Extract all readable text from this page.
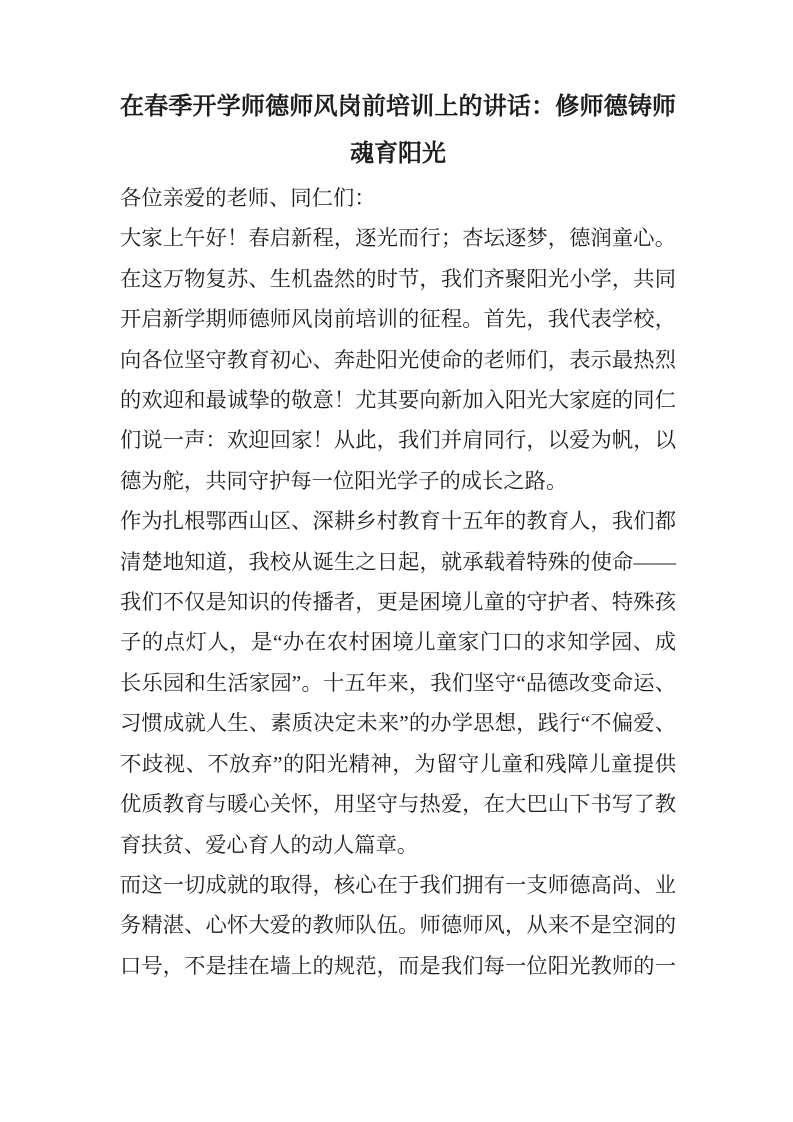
在春季开学师德师风岗前培训上的讲话：修师德铸师
魂育阳光
各位亲爱的老师、同仁们：
大家上午好！春启新程，逐光而行；杏坛逐梦，德润童心。
在这万物复苏、生机盎然的时节，我们齐聚阳光小学，共同
开启新学期师德师风岗前培训的征程。首先，我代表学校，
向各位坚守教育初心、奔赴阳光使命的老师们，表示最热烈
的欢迎和最诚挚的敬意！尤其要向新加入阳光大家庭的同仁
们说一声：欢迎回家！从此，我们并肩同行，以爱为帆，以
德为舵，共同守护每一位阳光学子的成长之路。
作为扎根鄂西山区、深耕乡村教育十五年的教育人，我们都
清楚地知道，我校从诞生之日起，就承载着特殊的使命——
我们不仅是知识的传播者，更是困境儿童的守护者、特殊孩
子的点灯人，是“办在农村困境儿童家门口的求知学园、成
长乐园和生活家园”。十五年来，我们坚守“品德改变命运、
习惯成就人生、素质决定未来”的办学思想，践行“不偏爱、
不歧视、不放弃”的阳光精神，为留守儿童和残障儿童提供
优质教育与暖心关怀，用坚守与热爱，在大巴山下书写了教
育扶贫、爱心育人的动人篇章。
而这一切成就的取得，核心在于我们拥有一支师德高尚、业
务精湛、心怀大爱的教师队伍。师德师风，从来不是空洞的
口号，不是挂在墙上的规范，而是我们每一位阳光教师的一
